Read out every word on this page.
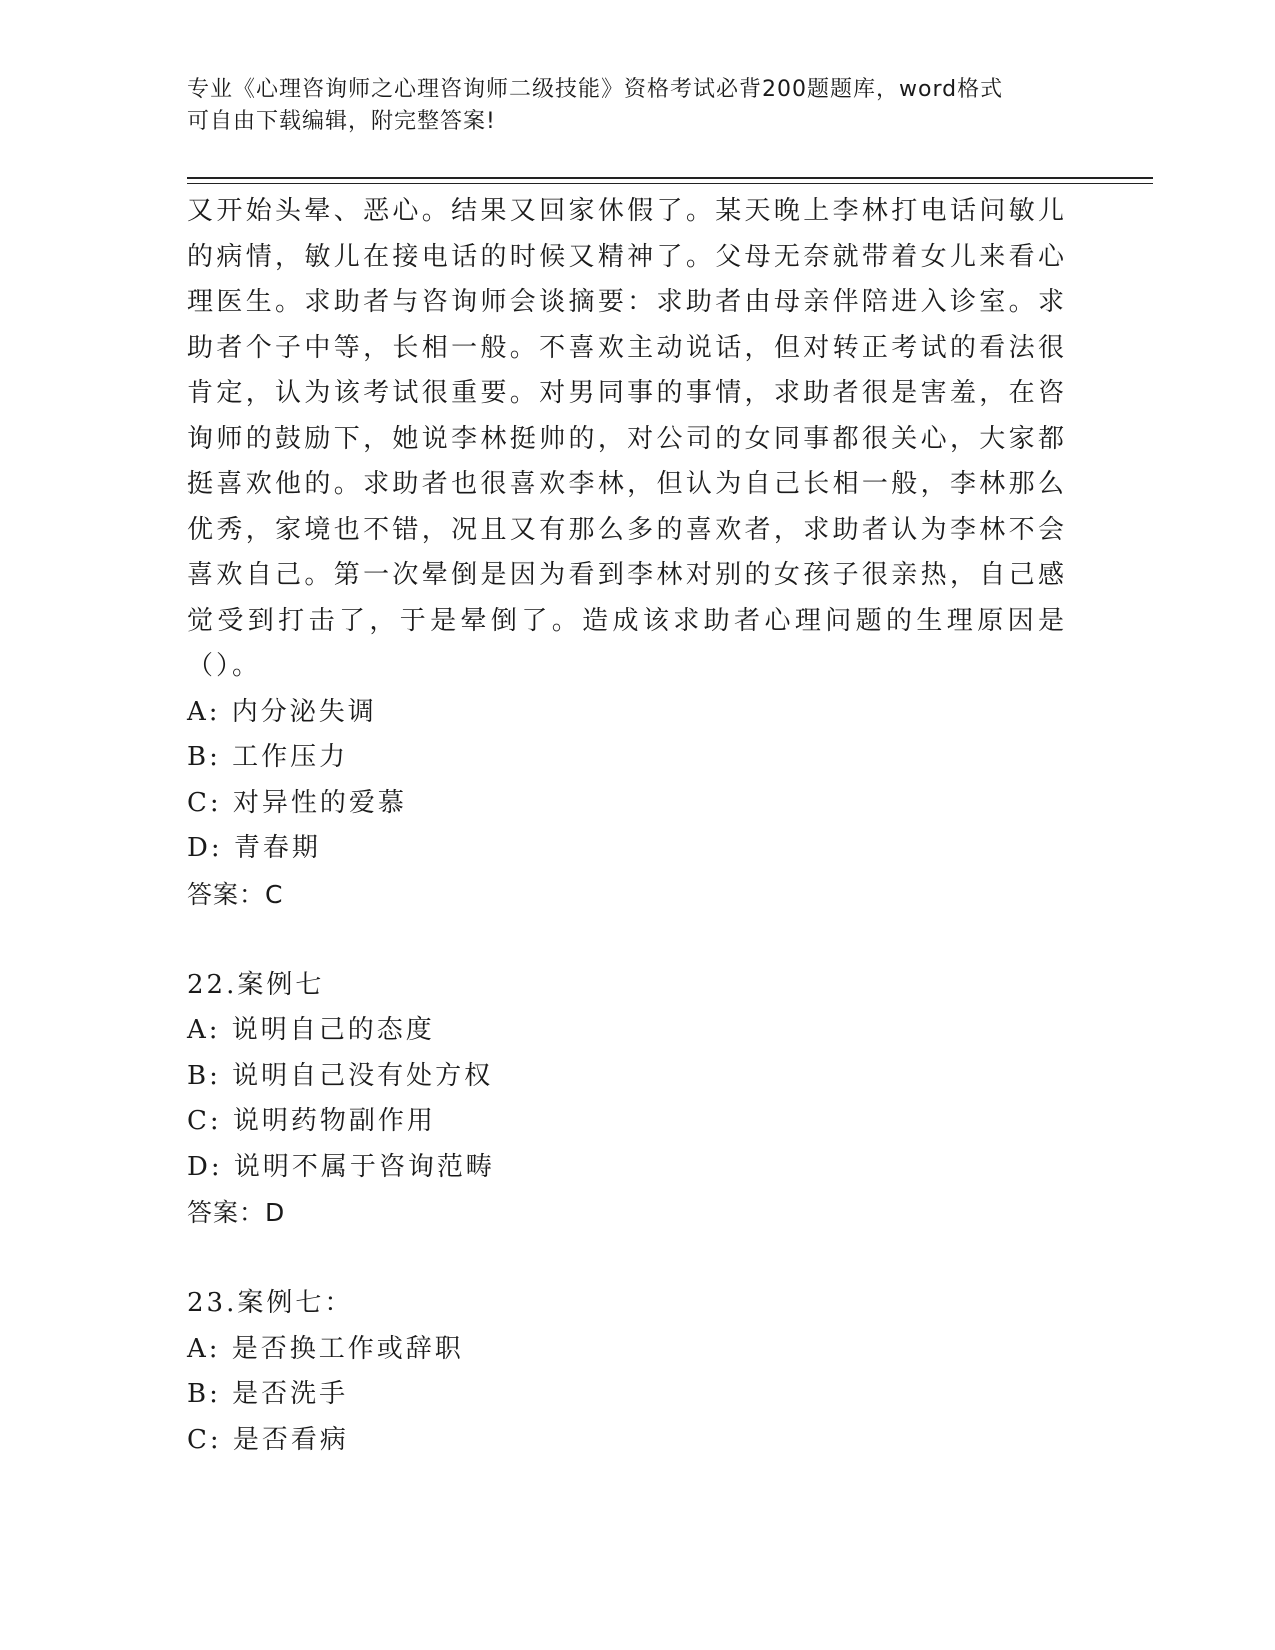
专业《心理咨询师之心理咨询师二级技能》资格考试必背200题题库，word格式
可自由下载编辑，附完整答案!
又开始头晕、恶心。结果又回家休假了。某天晚上李林打电话问敏儿的病情，敏儿在接电话的时候又精神了。父母无奈就带着女儿来看心理医生。求助者与咨询师会谈摘要：求助者由母亲伴陪进入诊室。求助者个子中等，长相一般。不喜欢主动说话，但对转正考试的看法很肯定，认为该考试很重要。对男同事的事情，求助者很是害羞，在咨询师的鼓励下，她说李林挺帅的，对公司的女同事都很关心，大家都挺喜欢他的。求助者也很喜欢李林，但认为自己长相一般，李林那么优秀，家境也不错，况且又有那么多的喜欢者，求助者认为李林不会喜欢自己。第一次晕倒是因为看到李林对别的女孩子很亲热，自己感觉受到打击了，于是晕倒了。造成该求助者心理问题的生理原因是（）。
A: 内分泌失调
B: 工作压力
C: 对异性的爱慕
D: 青春期
答案：C
22.案例七
A: 说明自己的态度
B: 说明自己没有处方权
C: 说明药物副作用
D: 说明不属于咨询范畴
答案：D
23.案例七：
A: 是否换工作或辞职
B: 是否洗手
C: 是否看病
